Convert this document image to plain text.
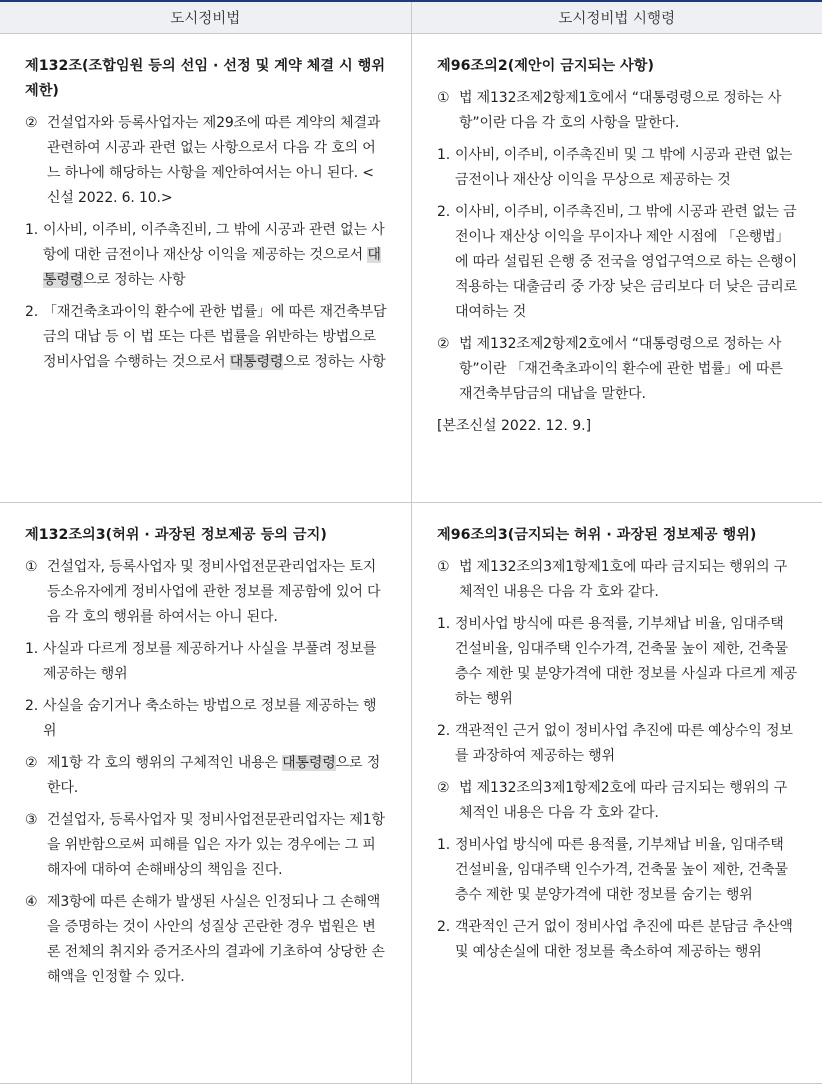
도시정비법	도시정비법 시행령
제132조(조합임원 등의 선임 · 선정 및 계약 체결 시 행위제한)
② 건설업자와 등록사업자는 제29조에 따른 계약의 체결과 관련하여 시공과 관련 없는 사항으로서 다음 각 호의 어느 하나에 해당하는 사항을 제안하여서는 아니 된다. <신설 2022. 6. 10.>
1. 이사비, 이주비, 이주촉진비, 그 밖에 시공과 관련 없는 사항에 대한 금전이나 재산상 이익을 제공하는 것으로서 대통령령으로 정하는 사항
2. 「재건축초과이익 환수에 관한 법률」에 따른 재건축부담금의 대납 등 이 법 또는 다른 법률을 위반하는 방법으로 정비사업을 수행하는 것으로서 대통령령으로 정하는 사항
제96조의2(제안이 금지되는 사항)
① 법 제132조제2항제1호에서 “대통령령으로 정하는 사항”이란 다음 각 호의 사항을 말한다.
1. 이사비, 이주비, 이주촉진비 및 그 밖에 시공과 관련 없는 금전이나 재산상 이익을 무상으로 제공하는 것
2. 이사비, 이주비, 이주촉진비, 그 밖에 시공과 관련 없는 금전이나 재산상 이익을 무이자나 제안 시점에 「은행법」에 따라 설립된 은행 중 전국을 영업구역으로 하는 은행이 적용하는 대출금리 중 가장 낮은 금리보다 더 낮은 금리로 대여하는 것
② 법 제132조제2항제2호에서 “대통령령으로 정하는 사항”이란 「재건축초과이익 환수에 관한 법률」에 따른 재건축부담금의 대납을 말한다.
[본조신설 2022. 12. 9.]
제132조의3(허위 · 과장된 정보제공 등의 금지)
① 건설업자, 등록사업자 및 정비사업전문관리업자는 토지등소유자에게 정비사업에 관한 정보를 제공함에 있어 다음 각 호의 행위를 하여서는 아니 된다.
1. 사실과 다르게 정보를 제공하거나 사실을 부풀려 정보를 제공하는 행위
2. 사실을 숨기거나 축소하는 방법으로 정보를 제공하는 행위
② 제1항 각 호의 행위의 구체적인 내용은 대통령령으로 정한다.
③ 건설업자, 등록사업자 및 정비사업전문관리업자는 제1항을 위반함으로써 피해를 입은 자가 있는 경우에는 그 피해자에 대하여 손해배상의 책임을 진다.
④ 제3항에 따른 손해가 발생된 사실은 인정되나 그 손해액을 증명하는 것이 사안의 성질상 곤란한 경우 법원은 변론 전체의 취지와 증거조사의 결과에 기초하여 상당한 손해액을 인정할 수 있다.
제96조의3(금지되는 허위 · 과장된 정보제공 행위)
① 법 제132조의3제1항제1호에 따라 금지되는 행위의 구체적인 내용은 다음 각 호와 같다.
1. 정비사업 방식에 따른 용적률, 기부채납 비율, 임대주택 건설비율, 임대주택 인수가격, 건축물 높이 제한, 건축물 층수 제한 및 분양가격에 대한 정보를 사실과 다르게 제공하는 행위
2. 객관적인 근거 없이 정비사업 추진에 따른 예상수익 정보를 과장하여 제공하는 행위
② 법 제132조의3제1항제2호에 따라 금지되는 행위의 구체적인 내용은 다음 각 호와 같다.
1. 정비사업 방식에 따른 용적률, 기부채납 비율, 임대주택 건설비율, 임대주택 인수가격, 건축물 높이 제한, 건축물 층수 제한 및 분양가격에 대한 정보를 숨기는 행위
2. 객관적인 근거 없이 정비사업 추진에 따른 분담금 추산액 및 예상손실에 대한 정보를 축소하여 제공하는 행위
